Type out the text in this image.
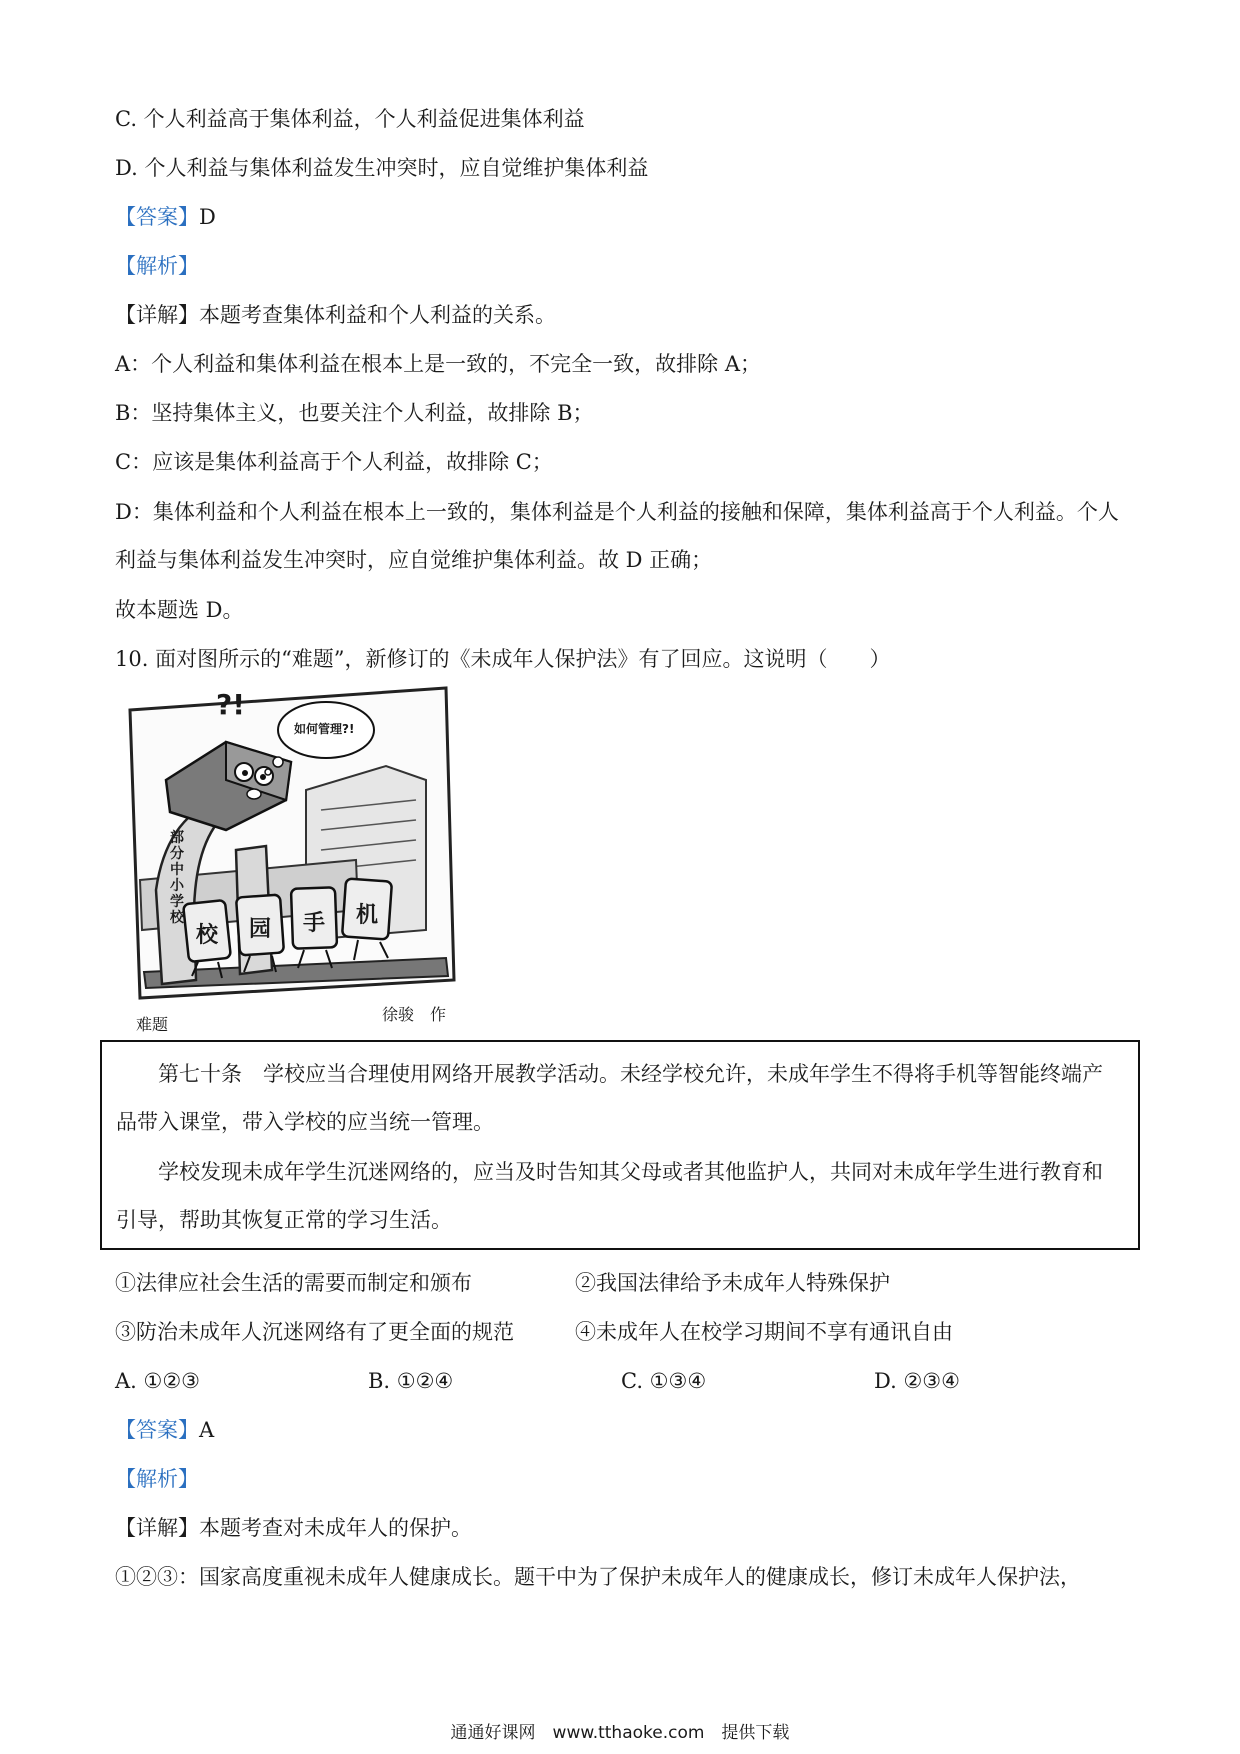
C. 个人利益高于集体利益，个人利益促进集体利益
D. 个人利益与集体利益发生冲突时，应自觉维护集体利益
【答案】D
【解析】
【详解】本题考查集体利益和个人利益的关系。
A：个人利益和集体利益在根本上是一致的，不完全一致，故排除 A；
B：坚持集体主义，也要关注个人利益，故排除 B；
C：应该是集体利益高于个人利益，故排除 C；
D：集体利益和个人利益在根本上一致的，集体利益是个人利益的接触和保障，集体利益高于个人利益。个人利益与集体利益发生冲突时，应自觉维护集体利益。故 D 正确；
故本题选 D。
10. 面对图所示的“难题”，新修订的《未成年人保护法》有了回应。这说明（　　）
?!
如何管理?!
部分中小学校
校 园 手 机
难题
徐骏　作

第七十条　学校应当合理使用网络开展教学活动。未经学校允许，未成年学生不得将手机等智能终端产品带入课堂，带入学校的应当统一管理。

学校发现未成年学生沉迷网络的，应当及时告知其父母或者其他监护人，共同对未成年学生进行教育和引导，帮助其恢复正常的学习生活。

①法律应社会生活的需要而制定和颁布	②我国法律给予未成年人特殊保护
③防治未成年人沉迷网络有了更全面的规范	④未成年人在校学习期间不享有通讯自由
A. ①②③	B. ①②④	C. ①③④	D. ②③④
【答案】A
【解析】
【详解】本题考查对未成年人的保护。
①②③：国家高度重视未成年人健康成长。题干中为了保护未成年人的健康成长，修订未成年人保护法，
通通好课网　www.tthaoke.com　提供下载
